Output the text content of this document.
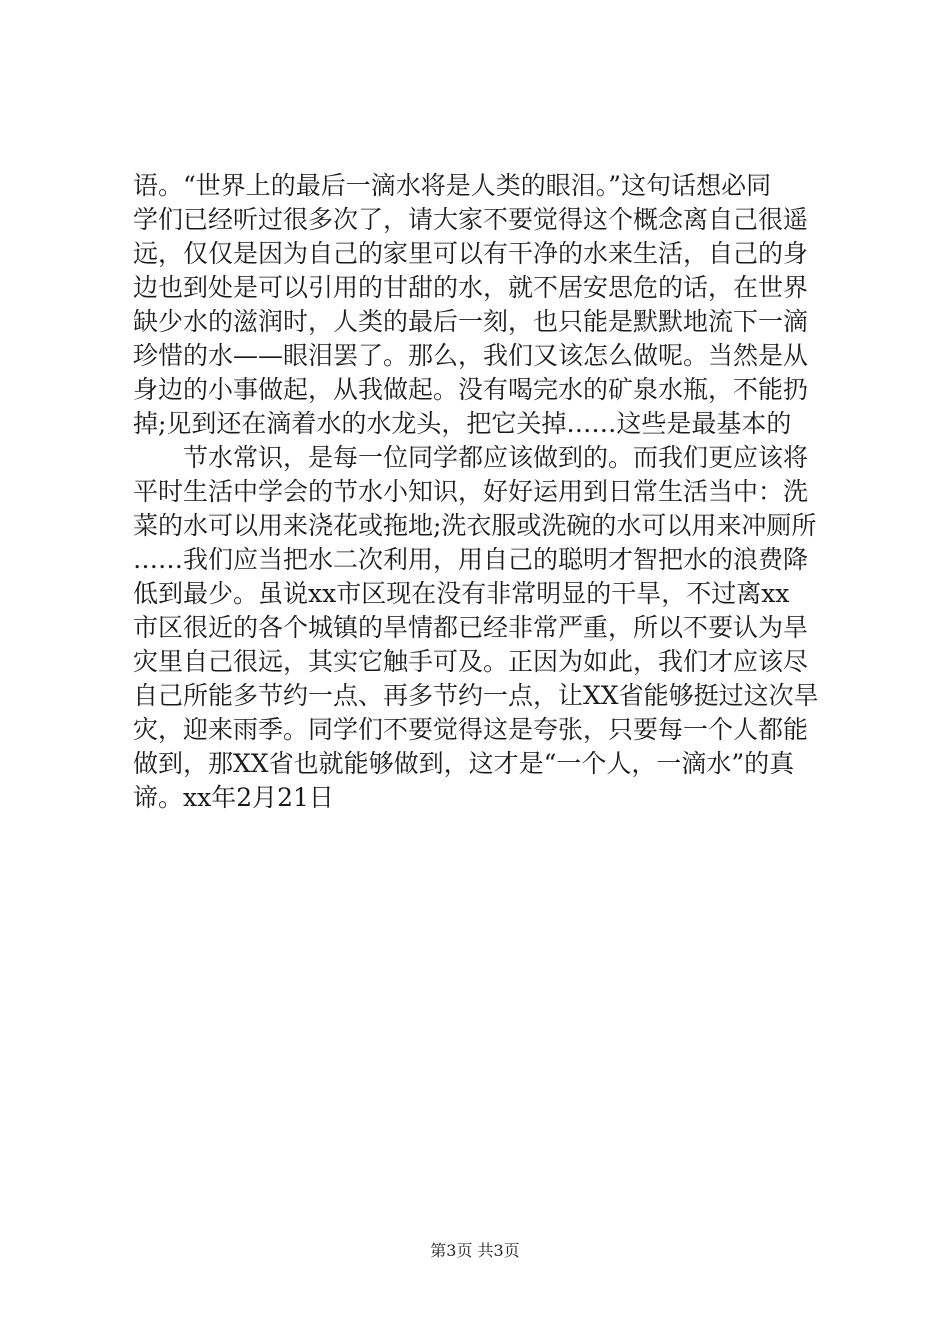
语。“世界上的最后一滴水将是人类的眼泪。”这句话想必同
学们已经听过很多次了，请大家不要觉得这个概念离自己很遥
远，仅仅是因为自己的家里可以有干净的水来生活，自己的身
边也到处是可以引用的甘甜的水，就不居安思危的话，在世界
缺少水的滋润时，人类的最后一刻，也只能是默默地流下一滴
珍惜的水——眼泪罢了。那么，我们又该怎么做呢。当然是从
身边的小事做起，从我做起。没有喝完水的矿泉水瓶，不能扔
掉;见到还在滴着水的水龙头，把它关掉……这些是最基本的
节水常识，是每一位同学都应该做到的。而我们更应该将
平时生活中学会的节水小知识，好好运用到日常生活当中：洗
菜的水可以用来浇花或拖地;洗衣服或洗碗的水可以用来冲厕所
……我们应当把水二次利用，用自己的聪明才智把水的浪费降
低到最少。虽说xx市区现在没有非常明显的干旱，不过离xx
市区很近的各个城镇的旱情都已经非常严重，所以不要认为旱
灾里自己很远，其实它触手可及。正因为如此，我们才应该尽
自己所能多节约一点、再多节约一点，让XX省能够挺过这次旱
灾，迎来雨季。同学们不要觉得这是夸张，只要每一个人都能
做到，那XX省也就能够做到，这才是“一个人，一滴水”的真
谛。xx年2月21日
第3页 共3页
